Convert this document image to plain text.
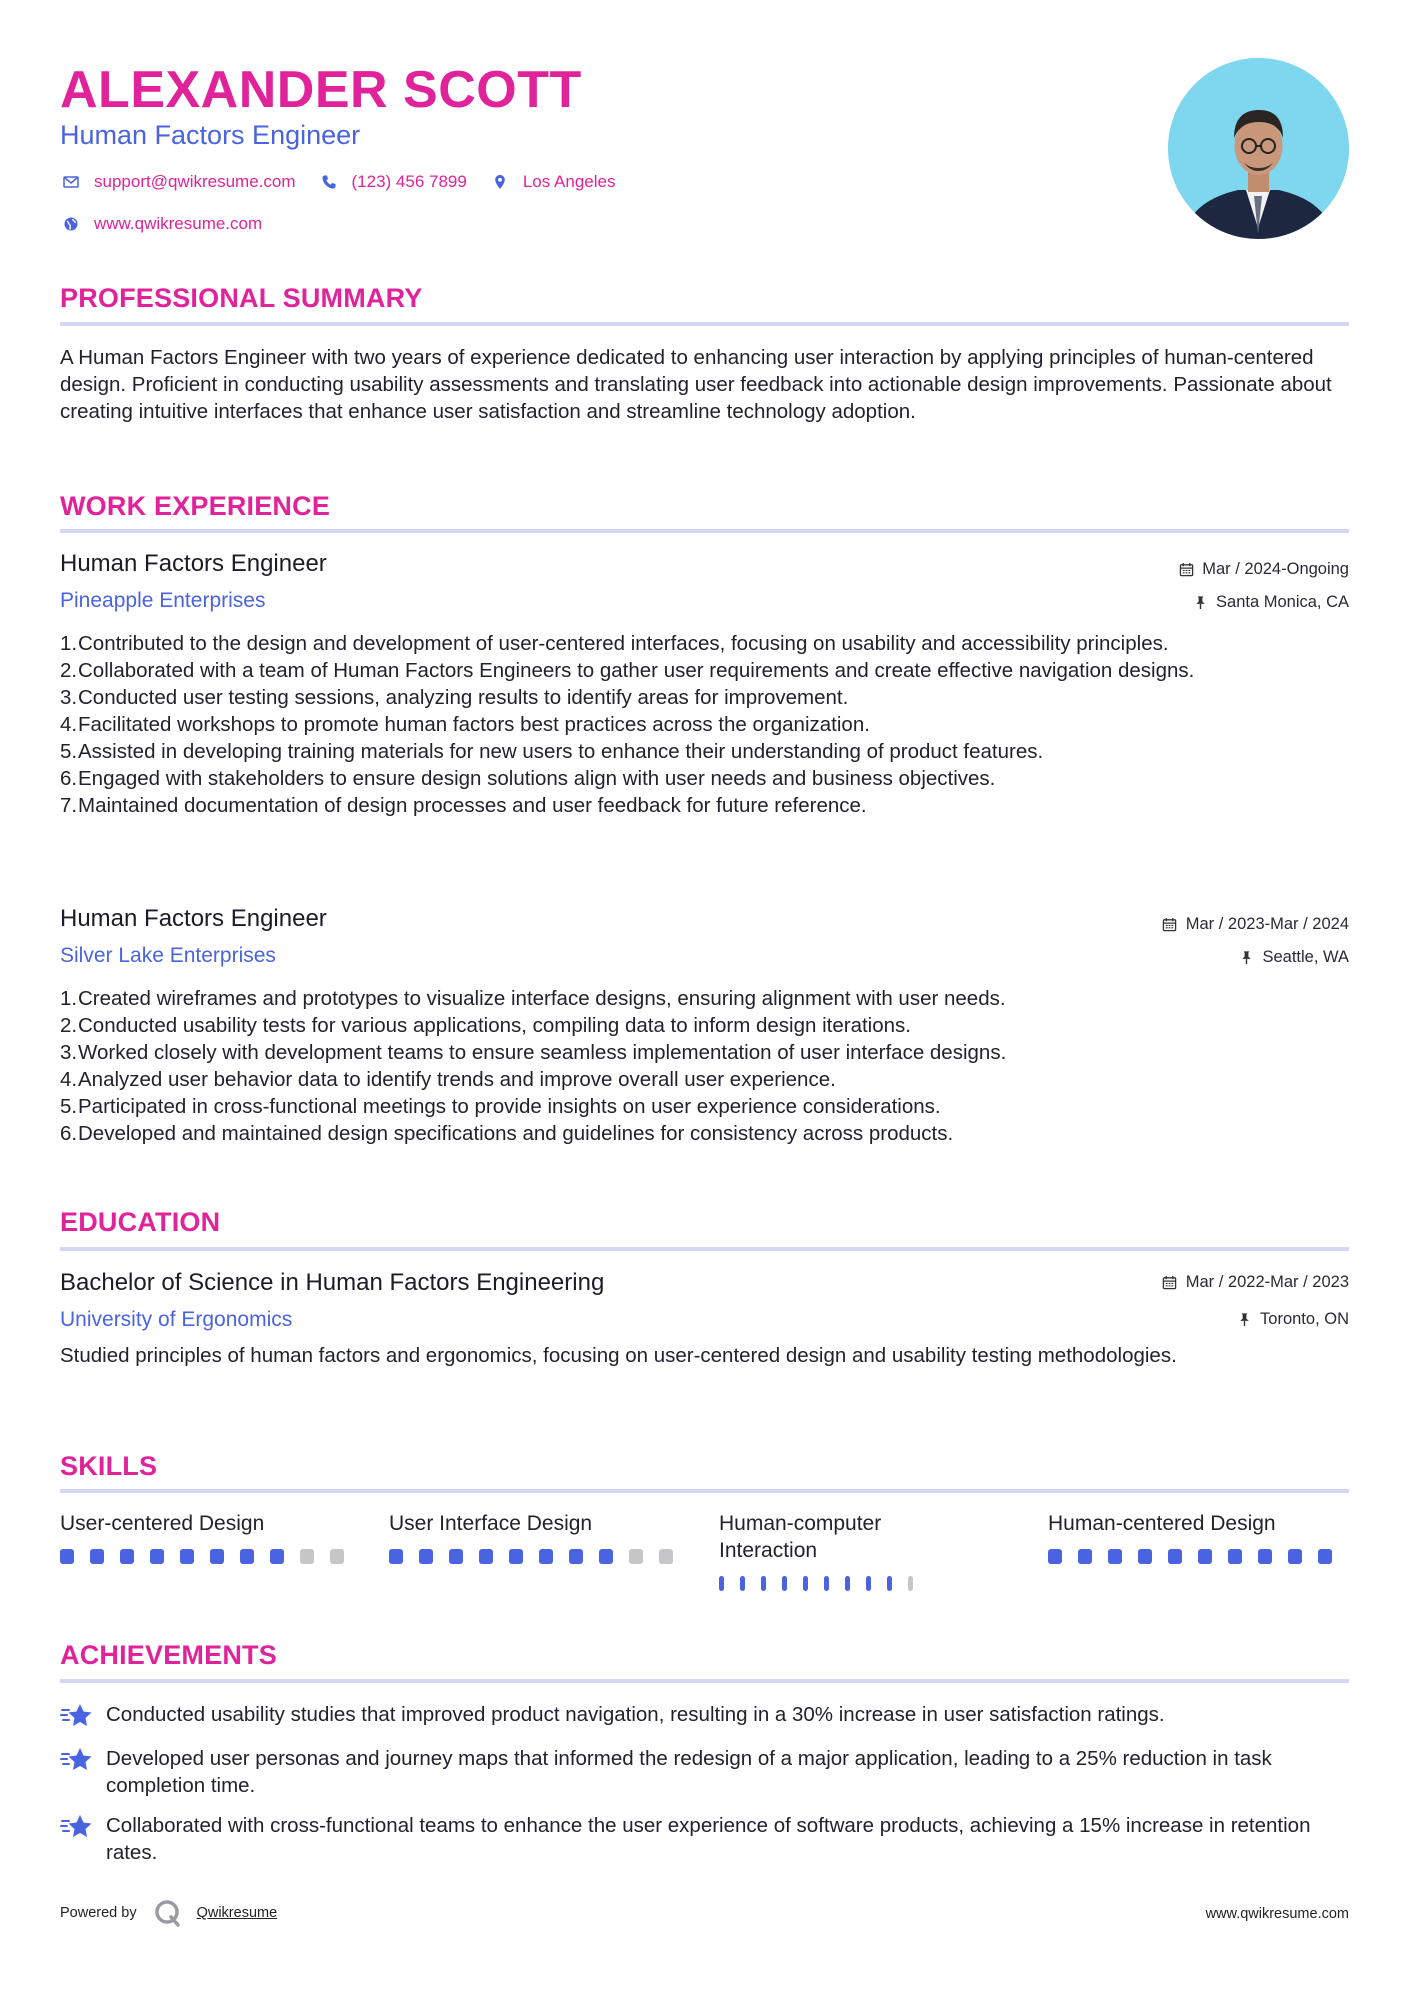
ALEXANDER SCOTT
Human Factors Engineer
support@qwikresume.com	(123) 456 7899	Los Angeles
www.qwikresume.com
PROFESSIONAL SUMMARY
A Human Factors Engineer with two years of experience dedicated to enhancing user interaction by applying principles of human-centered design. Proficient in conducting usability assessments and translating user feedback into actionable design improvements. Passionate about creating intuitive interfaces that enhance user satisfaction and streamline technology adoption.
WORK EXPERIENCE
Human Factors Engineer	Mar / 2024-Ongoing
Pineapple Enterprises	Santa Monica, CA
Contributed to the design and development of user-centered interfaces, focusing on usability and accessibility principles.
Collaborated with a team of Human Factors Engineers to gather user requirements and create effective navigation designs.
Conducted user testing sessions, analyzing results to identify areas for improvement.
Facilitated workshops to promote human factors best practices across the organization.
Assisted in developing training materials for new users to enhance their understanding of product features.
Engaged with stakeholders to ensure design solutions align with user needs and business objectives.
Maintained documentation of design processes and user feedback for future reference.
Human Factors Engineer	Mar / 2023-Mar / 2024
Silver Lake Enterprises	Seattle, WA
Created wireframes and prototypes to visualize interface designs, ensuring alignment with user needs.
Conducted usability tests for various applications, compiling data to inform design iterations.
Worked closely with development teams to ensure seamless implementation of user interface designs.
Analyzed user behavior data to identify trends and improve overall user experience.
Participated in cross-functional meetings to provide insights on user experience considerations.
Developed and maintained design specifications and guidelines for consistency across products.
EDUCATION
Bachelor of Science in Human Factors Engineering	Mar / 2022-Mar / 2023
University of Ergonomics	Toronto, ON
Studied principles of human factors and ergonomics, focusing on user-centered design and usability testing methodologies.
SKILLS
User-centered Design	User Interface Design	Human-computer Interaction
Human-centered Design
ACHIEVEMENTS
Conducted usability studies that improved product navigation, resulting in a 30% increase in user satisfaction ratings.
Developed user personas and journey maps that informed the redesign of a major application, leading to a 25% reduction in task completion time.
Collaborated with cross-functional teams to enhance the user experience of software products, achieving a 15% increase in retention rates.
Powered by	Qwikresume	www.qwikresume.com
